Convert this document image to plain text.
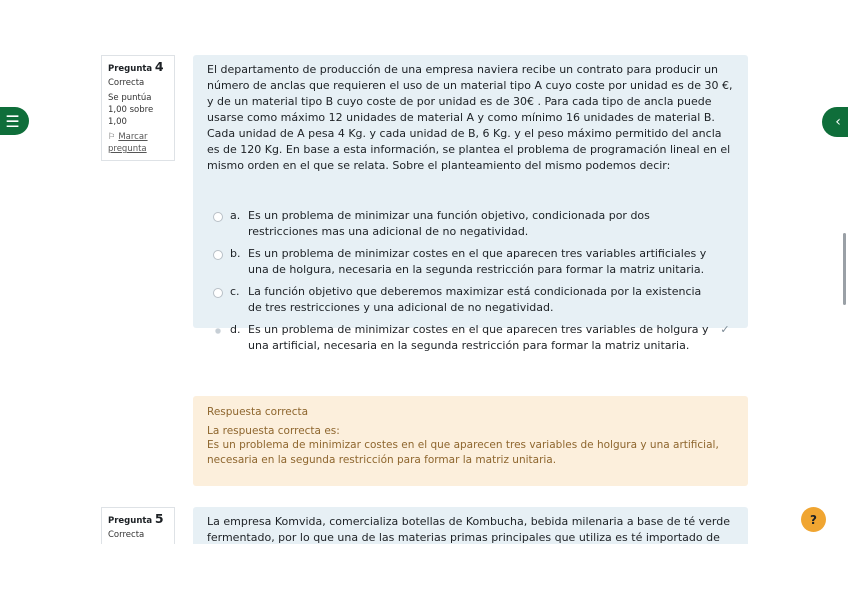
☰	‹
Pregunta 4
Correcta
Se puntúa 1,00 sobre 1,00
⚐ Marcar pregunta
El departamento de producción de una empresa naviera recibe un contrato para producir un número de anclas que requieren el uso de un material tipo A cuyo coste por unidad es de 30 €, y de un material tipo B cuyo coste de por unidad es de 30€ . Para cada tipo de ancla puede usarse como máximo 12 unidades de material A y como mínimo 16 unidades de material B. Cada unidad de A pesa 4 Kg. y cada unidad de B, 6 Kg. y el peso máximo permitido del ancla es de 120 Kg. En base a esta información, se plantea el problema de programación lineal en el mismo orden en el que se relata. Sobre el planteamiento del mismo podemos decir:
a. Es un problema de minimizar una función objetivo, condicionada por dos restricciones mas una adicional de no negatividad.
b. Es un problema de minimizar costes en el que aparecen tres variables artificiales y una de holgura, necesaria en la segunda restricción para formar la matriz unitaria.
c. La función objetivo que deberemos maximizar está condicionada por la existencia de tres restricciones y una adicional de no negatividad.
d. Es un problema de minimizar costes en el que aparecen tres variables de holgura y una artificial, necesaria en la segunda restricción para formar la matriz unitaria.
✓
Respuesta correcta
La respuesta correcta es:
Es un problema de minimizar costes en el que aparecen tres variables de holgura y una artificial, necesaria en la segunda restricción para formar la matriz unitaria.
Pregunta 5
Correcta
La empresa Komvida, comercializa botellas de Kombucha, bebida milenaria a base de té verde fermentado, por lo que una de las materias primas principales que utiliza es té importado de
?
